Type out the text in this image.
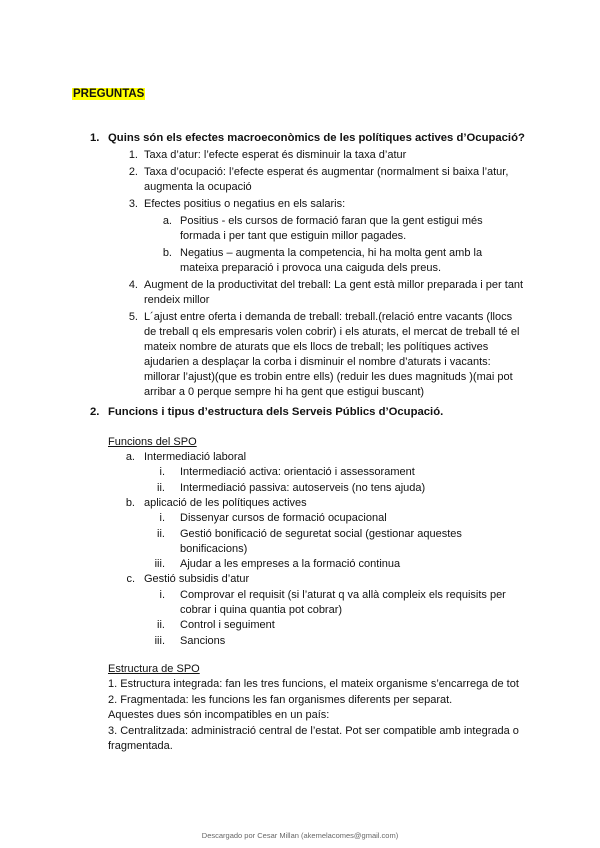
PREGUNTAS
1. Quins són els efectes macroeconòmics de les polítiques actives d’Ocupació?
1. Taxa d’atur: l’efecte esperat és disminuir la taxa d’atur
2. Taxa d’ocupació: l’efecte esperat és augmentar (normalment si baixa l’atur,
augmenta la ocupació
3. Efectes positius o negatius en els salaris:
a. Positius - els cursos de formació faran que la gent estigui més
formada i per tant que estiguin millor pagades.
b. Negatius – augmenta la competencia, hi ha molta gent amb la
mateixa preparació i provoca una caiguda dels preus.
4. Augment de la productivitat del treball: La gent està millor preparada i per tant
rendeix millor
5. L´ajust entre oferta i demanda de treball: treball.(relació entre vacants (llocs
de treball q els empresaris volen cobrir) i els aturats, el mercat de treball té el
mateix nombre de aturats que els llocs de treball; les polítiques actives
ajudarien a desplaçar la corba i disminuir el nombre d’aturats i vacants:
millorar l’ajust)(que es trobin entre ells) (reduir les dues magnituds )(mai pot
arribar a 0 perque sempre hi ha gent que estigui buscant)
2. Funcions i tipus d’estructura dels Serveis Públics d’Ocupació.
Funcions del SPO
a. Intermediació laboral
i. Intermediació activa: orientació i assessorament
ii. Intermediació passiva: autoserveis (no tens ajuda)
b. aplicació de les polítiques actives
i. Dissenyar cursos de formació ocupacional
ii. Gestió bonificació de seguretat social (gestionar aquestes
bonificacions)
iii. Ajudar a les empreses a la formació continua
c. Gestió subsidis d’atur
i. Comprovar el requisit (si l’aturat q va allà compleix els requisits per
cobrar i quina quantia pot cobrar)
ii. Control i seguiment
iii. Sancions
Estructura de SPO
1. Estructura integrada: fan les tres funcions, el mateix organisme s’encarrega de tot
2. Fragmentada: les funcions les fan organismes diferents per separat.
Aquestes dues són incompatibles en un país:
3. Centralitzada: administració central de l’estat. Pot ser compatible amb integrada o
fragmentada.
Descargado por Cesar Millan (akemelacomes@gmail.com)
